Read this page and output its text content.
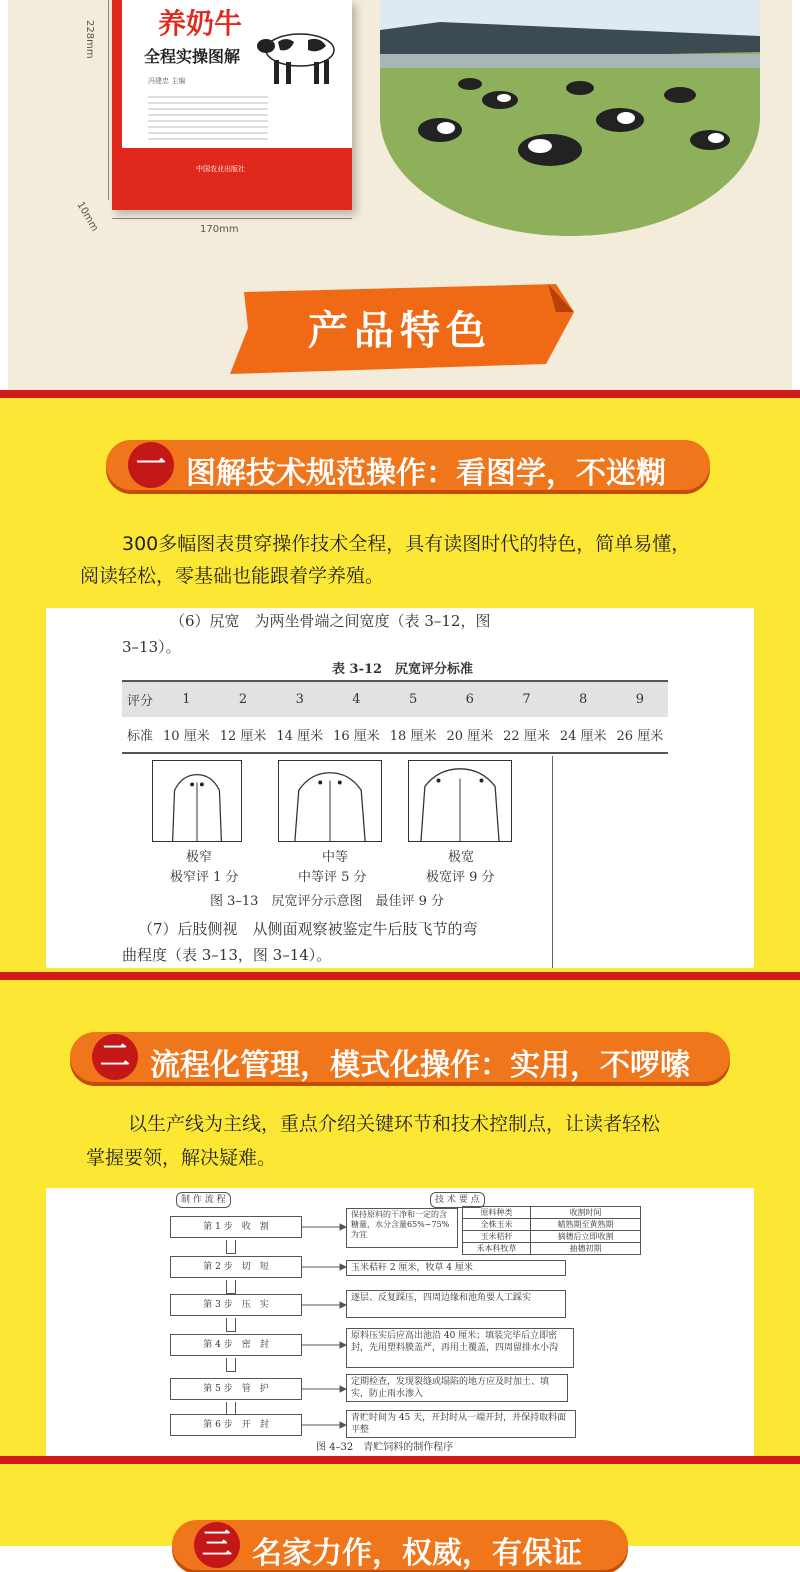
228mm
10mm	170mm
养奶牛
全程实操图解
冯建忠 主编
中国农业出版社
产品特色
一 图解技术规范操作：看图学，不迷糊
300多幅图表贯穿操作技术全程，具有读图时代的特色，简单易懂，
阅读轻松，零基础也能跟着学养殖。
（6）尻宽　为两坐骨端之间宽度（表 3–12，图
3–13）。
表 3-12　尻宽评分标准
评分	1	2	3	4	5	6	7	8	9
标准	10 厘米	12 厘米	14 厘米	16 厘米	18 厘米	20 厘米	22 厘米	24 厘米	26 厘米
极窄
极窄评 1 分
中等
中等评 5 分
极宽
极宽评 9 分
图 3–13　尻宽评分示意图　最佳评 9 分
（7）后肢侧视　从侧面观察被鉴定牛后肢飞节的弯
曲程度（表 3–13，图 3–14）。
二 流程化管理，模式化操作：实用，不啰嗦
以生产线为主线，重点介绍关键环节和技术控制点，让读者轻松
掌握要领，解决疑难。
制 作 流 程	技 术 要 点
第 1 步　收　割
保持原料的干净和一定的含糖量，水分含量65%~75%为宜
原料种类	收割时间
全株玉米	蜡熟期至黄熟期
玉米秸秆	摘穗后立即收割
禾本科牧草	抽穗初期
第 2 步　切　短	玉米秸秆 2 厘米，牧草 4 厘米
第 3 步　压　实
逐层、反复踩压，四周边缘和池角要人工踩实
第 4 步　密　封
原料压实后应高出池沿 40 厘米；填装完毕后立即密封，先用塑料膜盖严，再用土覆盖，四周留排水小沟
第 5 步　管　护
定期检查，发现裂缝或塌陷的地方应及时加土、填实，防止雨水渗入
第 6 步　开　封
青贮时间为 45 天，开封时从一端开封，并保持取料面平整
图 4–32　青贮饲料的制作程序
三 名家力作，权威，有保证
